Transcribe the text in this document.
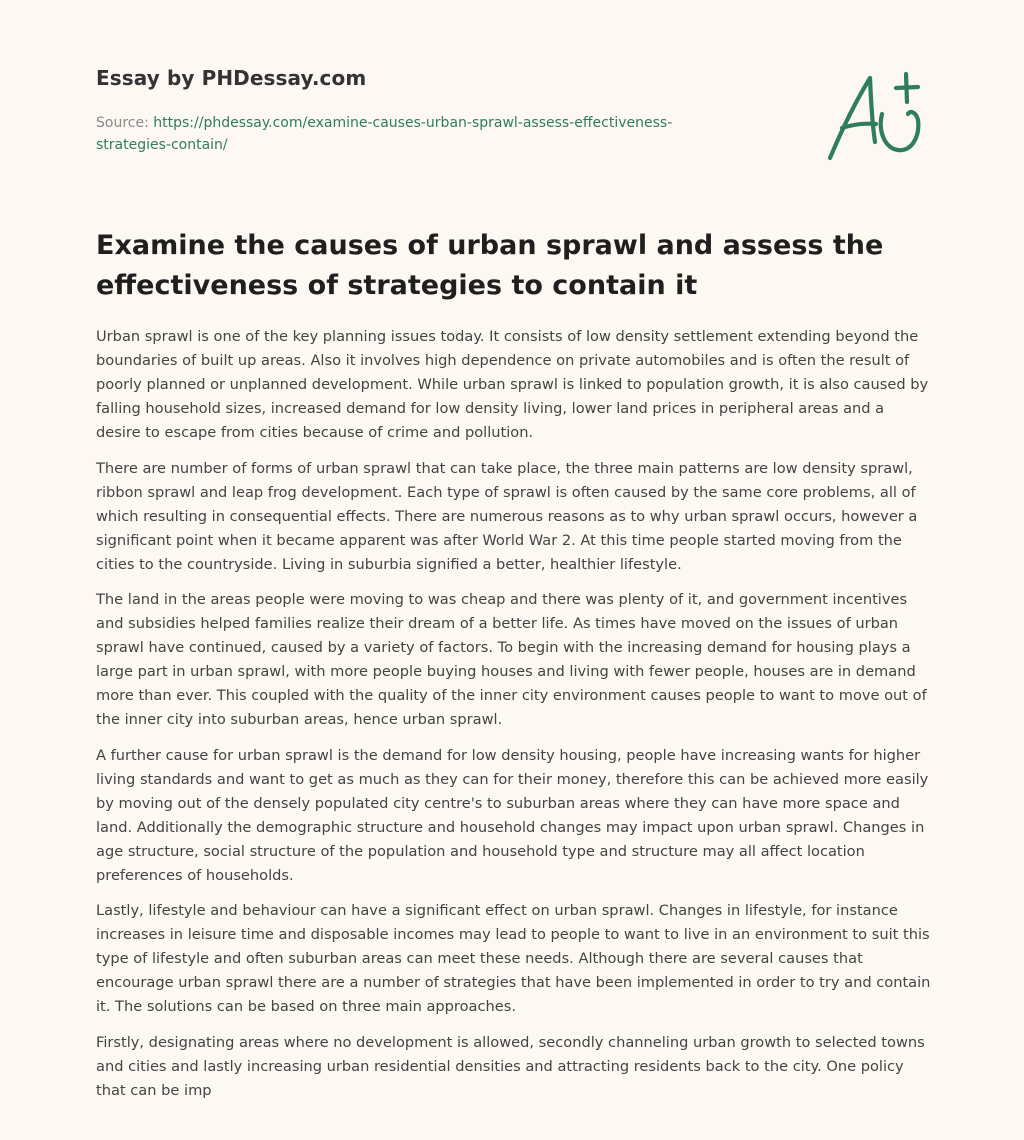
Essay by PHDessay.com
Source: https://phdessay.com/examine-causes-urban-sprawl-assess-effectiveness-strategies-contain/
Examine the causes of urban sprawl and assess the effectiveness of strategies to contain it

Urban sprawl is one of the key planning issues today. It consists of low density settlement extending beyond the boundaries of built up areas. Also it involves high dependence on private automobiles and is often the result of poorly planned or unplanned development. While urban sprawl is linked to population growth, it is also caused by falling household sizes, increased demand for low density living, lower land prices in peripheral areas and a desire to escape from cities because of crime and pollution.

There are number of forms of urban sprawl that can take place, the three main patterns are low density sprawl, ribbon sprawl and leap frog development. Each type of sprawl is often caused by the same core problems, all of which resulting in consequential effects. There are numerous reasons as to why urban sprawl occurs, however a significant point when it became apparent was after World War 2. At this time people started moving from the cities to the countryside. Living in suburbia signified a better, healthier lifestyle.

The land in the areas people were moving to was cheap and there was plenty of it, and government incentives and subsidies helped families realize their dream of a better life. As times have moved on the issues of urban sprawl have continued, caused by a variety of factors. To begin with the increasing demand for housing plays a large part in urban sprawl, with more people buying houses and living with fewer people, houses are in demand more than ever. This coupled with the quality of the inner city environment causes people to want to move out of the inner city into suburban areas, hence urban sprawl.

A further cause for urban sprawl is the demand for low density housing, people have increasing wants for higher living standards and want to get as much as they can for their money, therefore this can be achieved more easily by moving out of the densely populated city centre's to suburban areas where they can have more space and land. Additionally the demographic structure and household changes may impact upon urban sprawl. Changes in age structure, social structure of the population and household type and structure may all affect location preferences of households.

Lastly, lifestyle and behaviour can have a significant effect on urban sprawl. Changes in lifestyle, for instance increases in leisure time and disposable incomes may lead to people to want to live in an environment to suit this type of lifestyle and often suburban areas can meet these needs. Although there are several causes that encourage urban sprawl there are a number of strategies that have been implemented in order to try and contain it. The solutions can be based on three main approaches.

Firstly, designating areas where no development is allowed, secondly channeling urban growth to selected towns and cities and lastly increasing urban residential densities and attracting residents back to the city. One policy that can be imp
